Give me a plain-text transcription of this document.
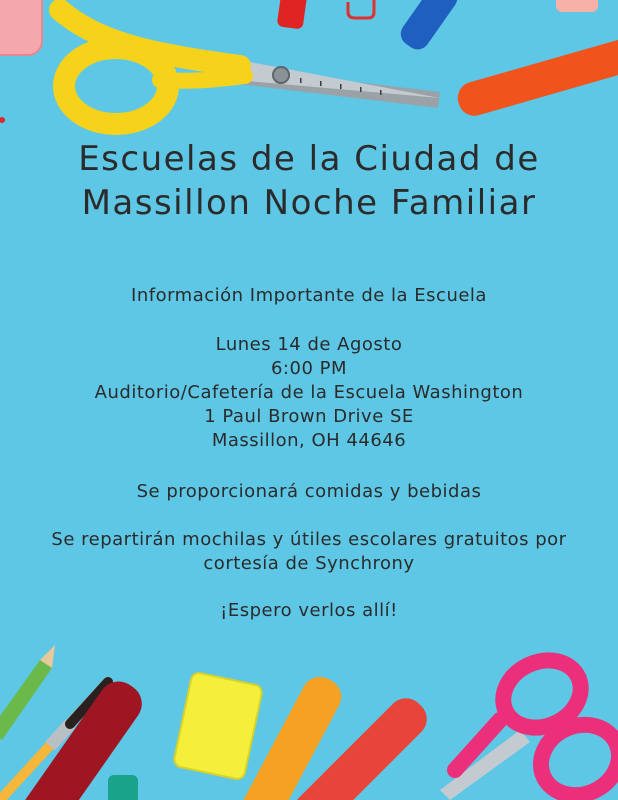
Escuelas de la Ciudad de Massillon Noche Familiar
Información Importante de la Escuela
Lunes 14 de Agosto
6:00 PM
Auditorio/Cafetería de la Escuela Washington
1 Paul Brown Drive SE
Massillon, OH 44646
Se proporcionará comidas y bebidas
Se repartirán mochilas y útiles escolares gratuitos por cortesía de Synchrony
¡Espero verlos allí!
